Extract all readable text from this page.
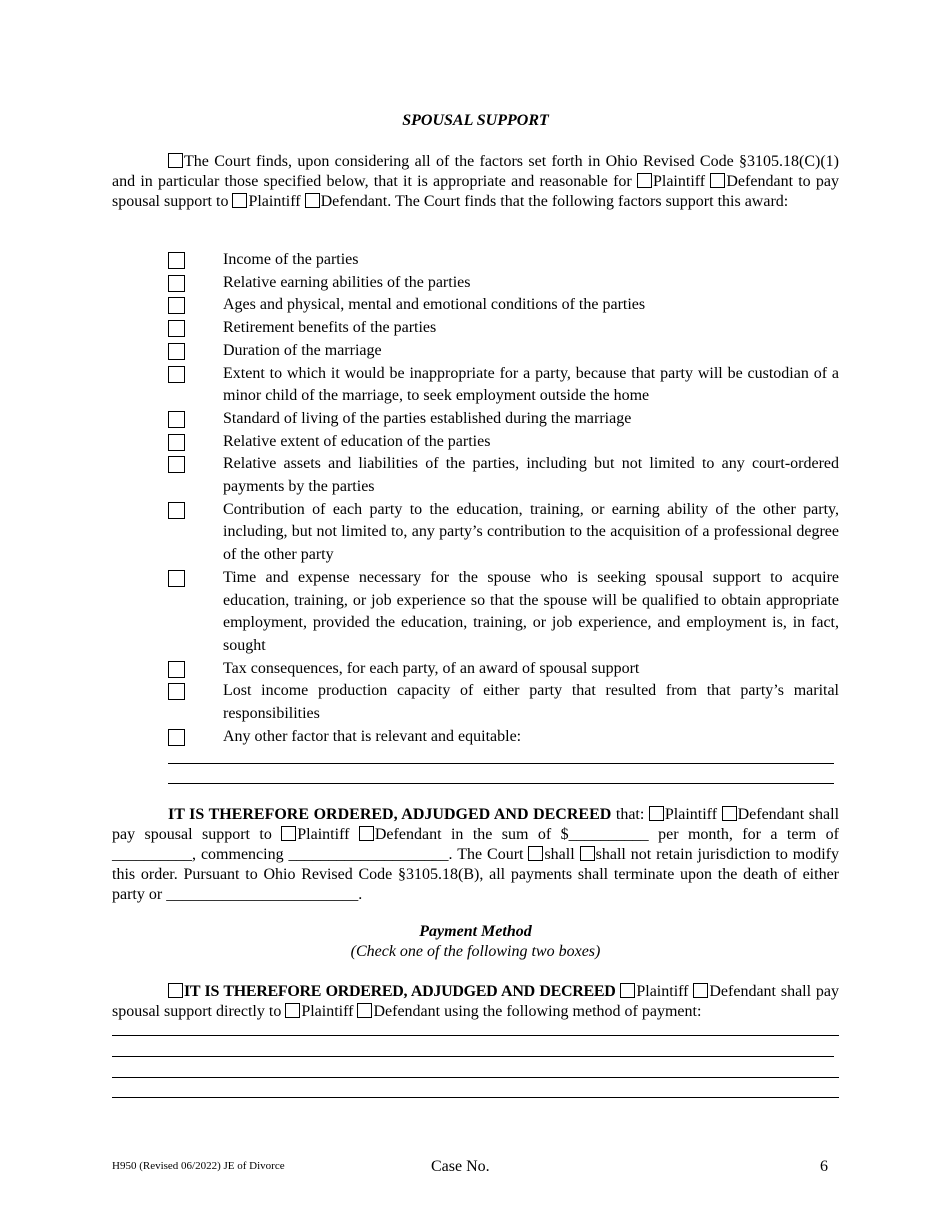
SPOUSAL SUPPORT
The Court finds, upon considering all of the factors set forth in Ohio Revised Code §3105.18(C)(1) and in particular those specified below, that it is appropriate and reasonable for Plaintiff Defendant to pay spousal support to Plaintiff Defendant. The Court finds that the following factors support this award:
Income of the parties
Relative earning abilities of the parties
Ages and physical, mental and emotional conditions of the parties
Retirement benefits of the parties
Duration of the marriage
Extent to which it would be inappropriate for a party, because that party will be custodian of a minor child of the marriage, to seek employment outside the home
Standard of living of the parties established during the marriage
Relative extent of education of the parties
Relative assets and liabilities of the parties, including but not limited to any court-ordered payments by the parties
Contribution of each party to the education, training, or earning ability of the other party, including, but not limited to, any party’s contribution to the acquisition of a professional degree of the other party
Time and expense necessary for the spouse who is seeking spousal support to acquire education, training, or job experience so that the spouse will be qualified to obtain appropriate employment, provided the education, training, or job experience, and employment is, in fact, sought
Tax consequences, for each party, of an award of spousal support
Lost income production capacity of either party that resulted from that party’s marital responsibilities
Any other factor that is relevant and equitable:
IT IS THEREFORE ORDERED, ADJUDGED AND DECREED that: Plaintiff Defendant shall pay spousal support to Plaintiff Defendant in the sum of $__________ per month, for a term of __________, commencing ____________________. The Court shall shall not retain jurisdiction to modify this order. Pursuant to Ohio Revised Code §3105.18(B), all payments shall terminate upon the death of either party or ________________________.
Payment Method
(Check one of the following two boxes)
IT IS THEREFORE ORDERED, ADJUDGED AND DECREED Plaintiff Defendant shall pay spousal support directly to Plaintiff Defendant using the following method of payment:
H950 (Revised 06/2022) JE of Divorce	Case No.	6
